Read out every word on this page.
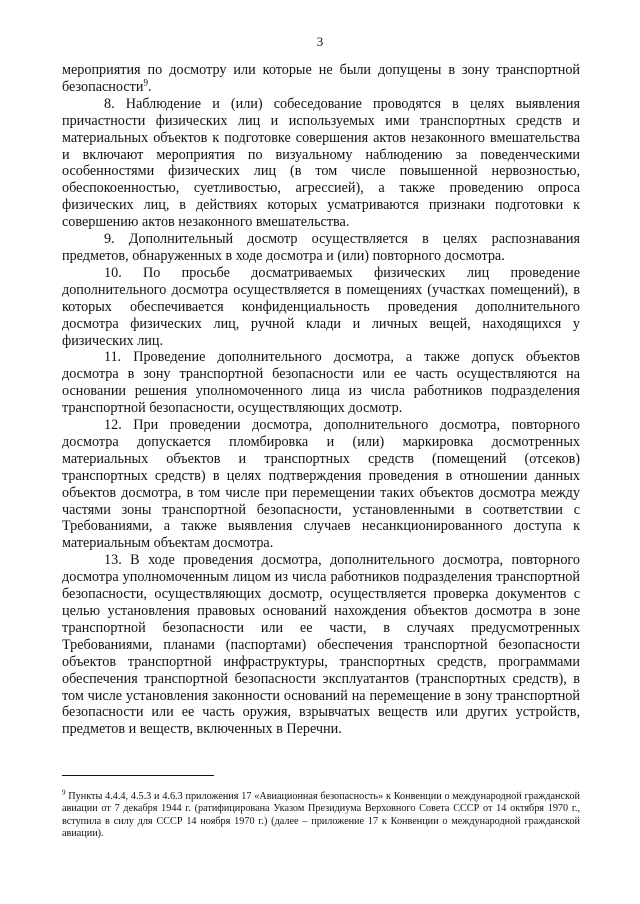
3

мероприятия по досмотру или которые не были допущены в зону транспортной безопасности$^9$.

8. Наблюдение и (или) собеседование проводятся в целях выявления причастности физических лиц и используемых ими транспортных средств и материальных объектов к подготовке совершения актов незаконного вмешательства и включают мероприятия по визуальному наблюдению за поведенческими особенностями физических лиц (в том числе повышенной нервозностью, обеспокоенностью, суетливостью, агрессией), а также проведению опроса физических лиц, в действиях которых усматриваются признаки подготовки к совершению актов незаконного вмешательства.

9. Дополнительный досмотр осуществляется в целях распознавания предметов, обнаруженных в ходе досмотра и (или) повторного досмотра.

10. По просьбе досматриваемых физических лиц проведение дополнительного досмотра осуществляется в помещениях (участках помещений), в которых обеспечивается конфиденциальность проведения дополнительного досмотра физических лиц, ручной клади и личных вещей, находящихся у физических лиц.

11. Проведение дополнительного досмотра, а также допуск объектов досмотра в зону транспортной безопасности или ее часть осуществляются на основании решения уполномоченного лица из числа работников подразделения транспортной безопасности, осуществляющих досмотр.

12. При проведении досмотра, дополнительного досмотра, повторного досмотра допускается пломбировка и (или) маркировка досмотренных материальных объектов и транспортных средств (помещений (отсеков) транспортных средств) в целях подтверждения проведения в отношении данных объектов досмотра, в том числе при перемещении таких объектов досмотра между частями зоны транспортной безопасности, установленными в соответствии с Требованиями, а также выявления случаев несанкционированного доступа к материальным объектам досмотра.

13. В ходе проведения досмотра, дополнительного досмотра, повторного досмотра уполномоченным лицом из числа работников подразделения транспортной безопасности, осуществляющих досмотр, осуществляется проверка документов с целью установления правовых оснований нахождения объектов досмотра в зоне транспортной безопасности или ее части, в случаях предусмотренных Требованиями, планами (паспортами) обеспечения транспортной безопасности объектов транспортной инфраструктуры, транспортных средств, программами обеспечения транспортной безопасности эксплуатантов (транспортных средств), в том числе установления законности оснований на перемещение в зону транспортной безопасности или ее часть оружия, взрывчатых веществ или других устройств, предметов и веществ, включенных в Перечни.

$^9$ Пункты 4.4.4, 4.5.3 и 4.6.3 приложения 17 «Авиационная безопасность» к Конвенции о международной гражданской авиации от 7 декабря 1944 г. (ратифицирована Указом Президиума Верховного Совета СССР от 14 октября 1970 г., вступила в силу для СССР 14 ноября 1970 г.) (далее – приложение 17 к Конвенции о международной гражданской авиации).
